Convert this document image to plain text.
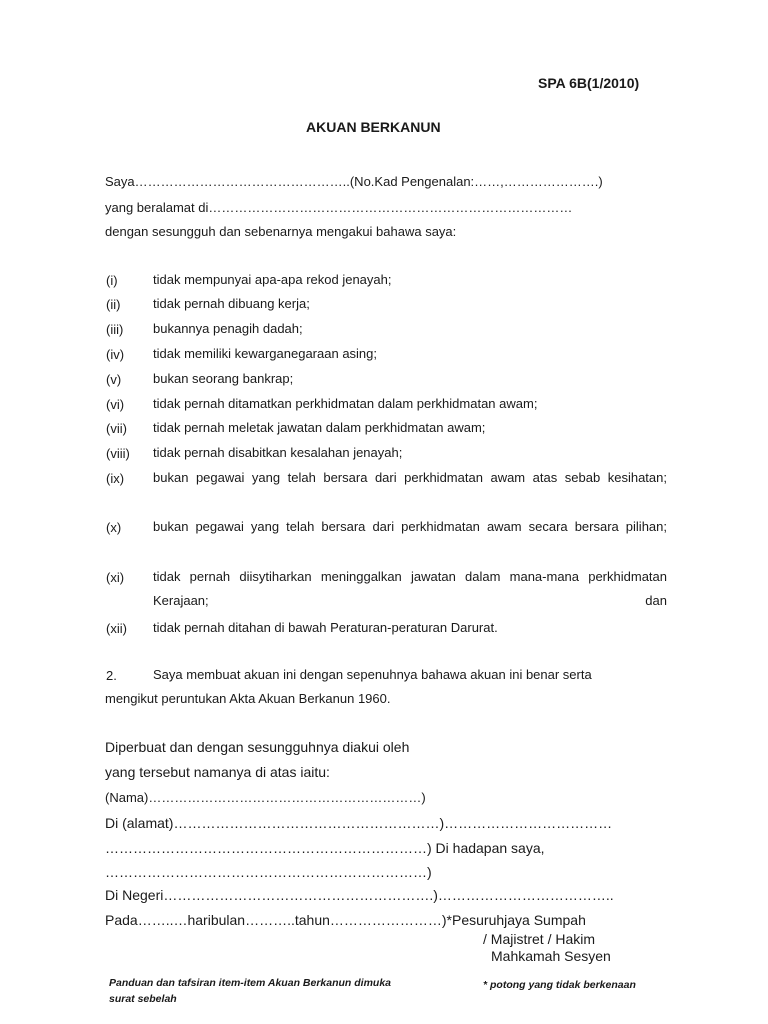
SPA 6B(1/2010)
AKUAN BERKANUN
Saya…………………………………………..(No.Kad Pengenalan:……,………………….)
yang beralamat di…………………………………………………………………………
dengan sesungguh dan sebenarnya mengakui bahawa saya:
(i)	tidak mempunyai apa-apa rekod jenayah;
(ii)	tidak pernah dibuang kerja;
(iii) bukannya penagih dadah;
(iv) tidak memiliki kewarganegaraan asing;
(v) bukan seorang bankrap;
(vi) tidak pernah ditamatkan perkhidmatan dalam perkhidmatan awam;
(vii) tidak pernah meletak jawatan dalam perkhidmatan awam;
(viii) tidak pernah disabitkan kesalahan jenayah;
(ix) bukan pegawai yang telah bersara dari perkhidmatan awam atas sebab kesihatan;
(x) bukan pegawai yang telah bersara dari perkhidmatan awam secara bersara pilihan;
(xi) tidak pernah diisytiharkan meninggalkan jawatan dalam mana-mana perkhidmatan Kerajaan; dan
(xii) tidak pernah ditahan di bawah Peraturan-peraturan Darurat.
2.	Saya membuat akuan ini dengan sepenuhnya bahawa akuan ini benar serta
mengikut peruntukan Akta Akuan Berkanun 1960.
Diperbuat dan dengan sesungguhnya diakui oleh
yang tersebut namanya di atas iaitu:
(Nama)………………………………………………………)
Di (alamat)…………………………………………………)………………………………
……………………………………………………………) Di hadapan saya,
……………………………………………………………)
Di Negeri………………………………………………….)………………………………..
Pada……..…haribulan………..tahun……………………)*Pesuruhjaya Sumpah
/ Majistret / Hakim
Mahkamah Sesyen
Panduan dan tafsiran item-item Akuan Berkanun dimuka
surat sebelah
* potong yang tidak berkenaan
